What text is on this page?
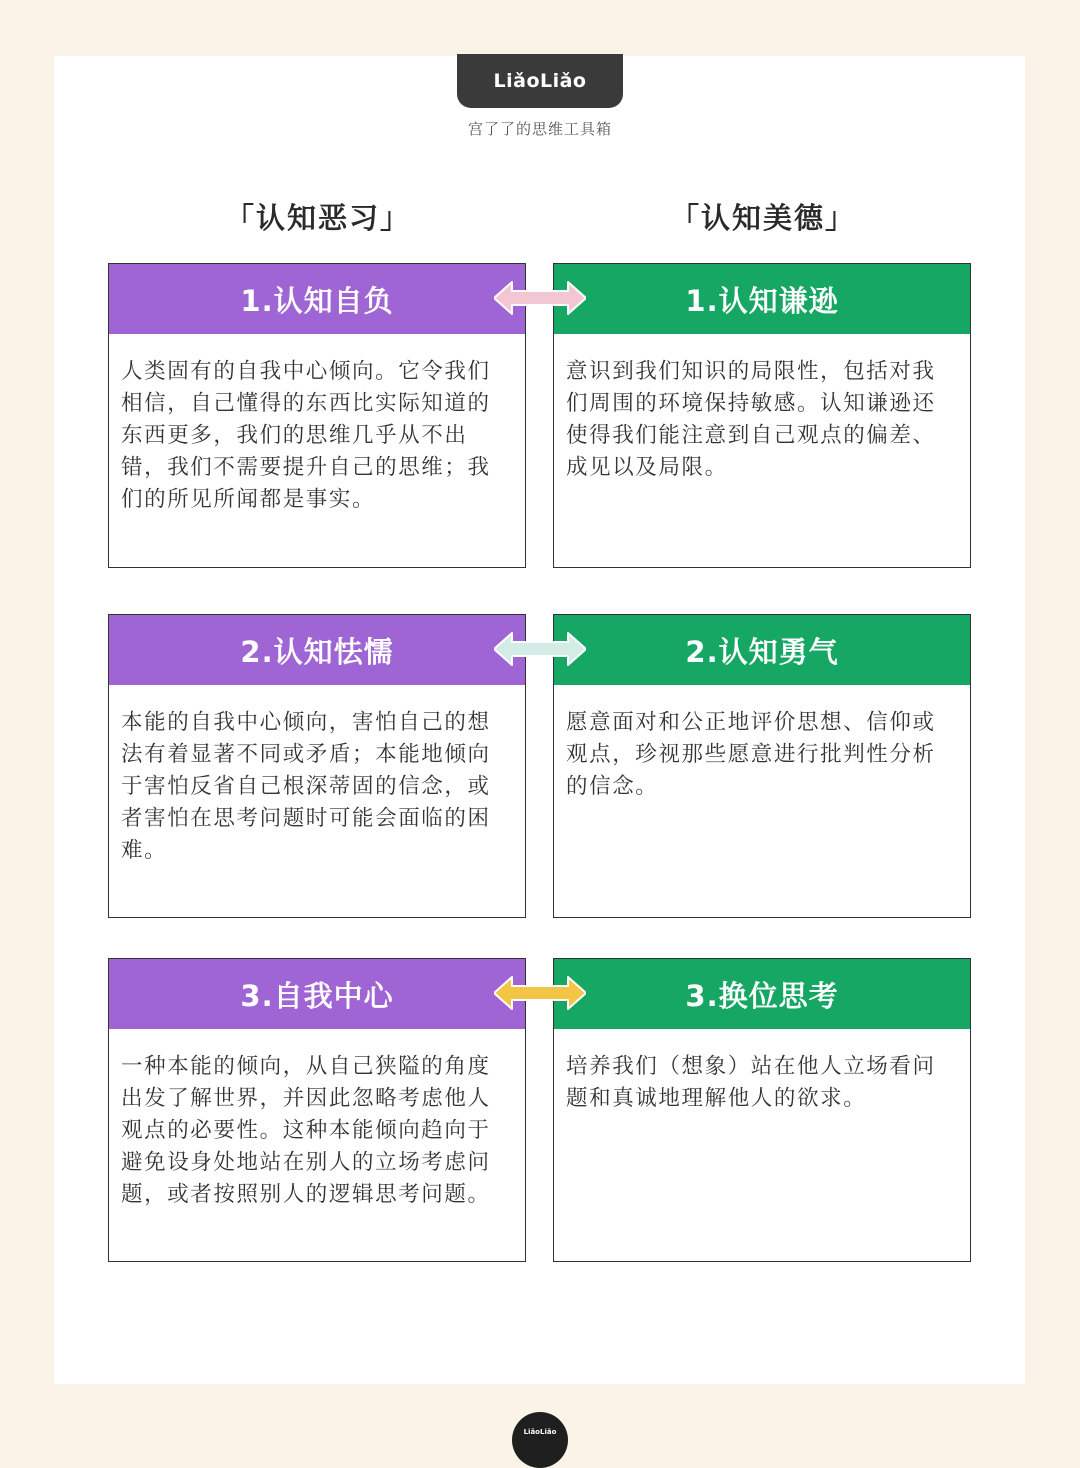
LiǎoLiǎo
宫了了的思维工具箱
「认知恶习」	「认知美德」
1.认知自负
人类固有的自我中心倾向。它令我们相信，自己懂得的东西比实际知道的东西更多，我们的思维几乎从不出错，我们不需要提升自己的思维；我们的所见所闻都是事实。
1.认知谦逊
意识到我们知识的局限性，包括对我们周围的环境保持敏感。认知谦逊还使得我们能注意到自己观点的偏差、成见以及局限。
2.认知怯懦
本能的自我中心倾向，害怕自己的想法有着显著不同或矛盾；本能地倾向于害怕反省自己根深蒂固的信念，或者害怕在思考问题时可能会面临的困难。
2.认知勇气
愿意面对和公正地评价思想、信仰或观点，珍视那些愿意进行批判性分析的信念。
3.自我中心
一种本能的倾向，从自己狭隘的角度出发了解世界，并因此忽略考虑他人观点的必要性。这种本能倾向趋向于避免设身处地站在别人的立场考虑问题，或者按照别人的逻辑思考问题。
3.换位思考
培养我们（想象）站在他人立场看问题和真诚地理解他人的欲求。
LiǎoLiǎo
